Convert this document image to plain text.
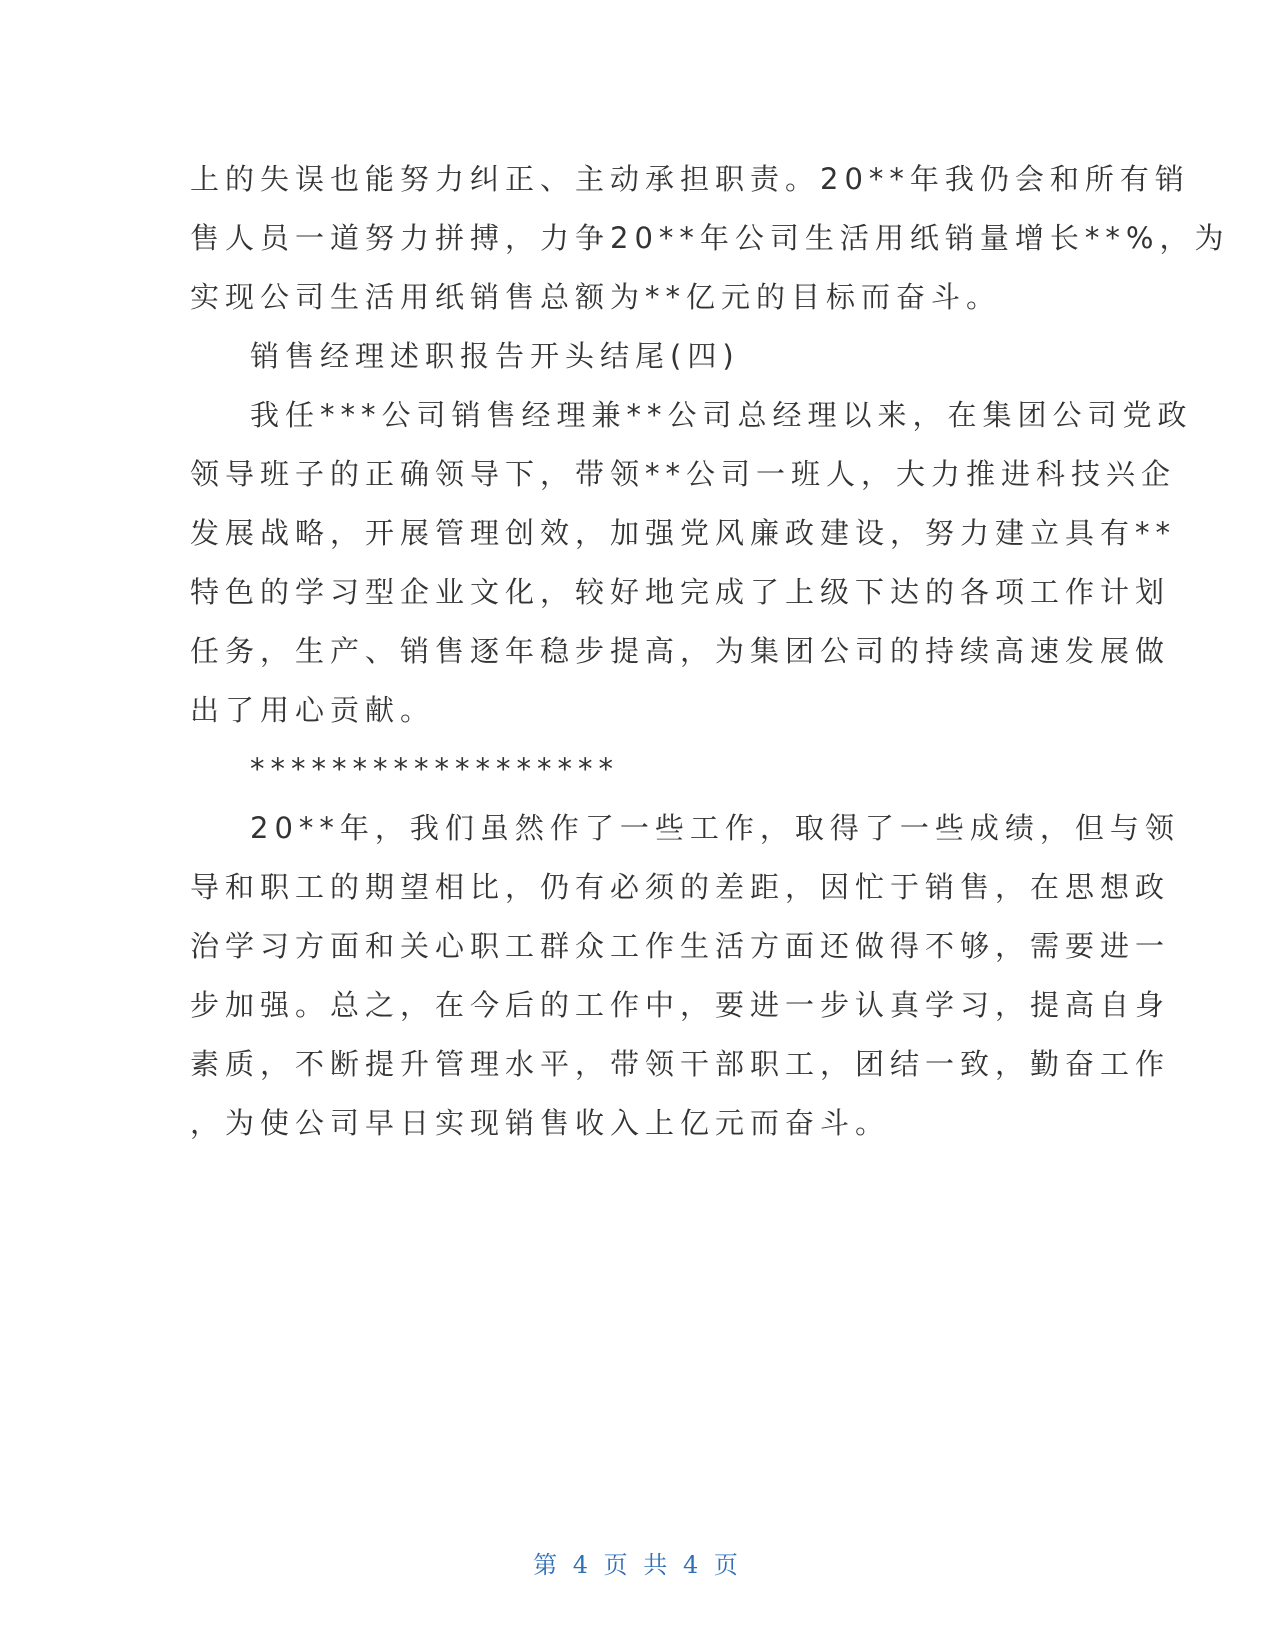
上的失误也能努力纠正、主动承担职责。20**年我仍会和所有销

售人员一道努力拼搏，力争20**年公司生活用纸销量增长**%，为

实现公司生活用纸销售总额为**亿元的目标而奋斗。

销售经理述职报告开头结尾(四)

我任***公司销售经理兼**公司总经理以来，在集团公司党政

领导班子的正确领导下，带领**公司一班人，大力推进科技兴企

发展战略，开展管理创效，加强党风廉政建设，努力建立具有**

特色的学习型企业文化，较好地完成了上级下达的各项工作计划

任务，生产、销售逐年稳步提高，为集团公司的持续高速发展做

出了用心贡献。

******************

20**年，我们虽然作了一些工作，取得了一些成绩，但与领

导和职工的期望相比，仍有必须的差距，因忙于销售，在思想政

治学习方面和关心职工群众工作生活方面还做得不够，需要进一

步加强。总之，在今后的工作中，要进一步认真学习，提高自身

素质，不断提升管理水平，带领干部职工，团结一致，勤奋工作

，为使公司早日实现销售收入上亿元而奋斗。

第 4 页 共 4 页
